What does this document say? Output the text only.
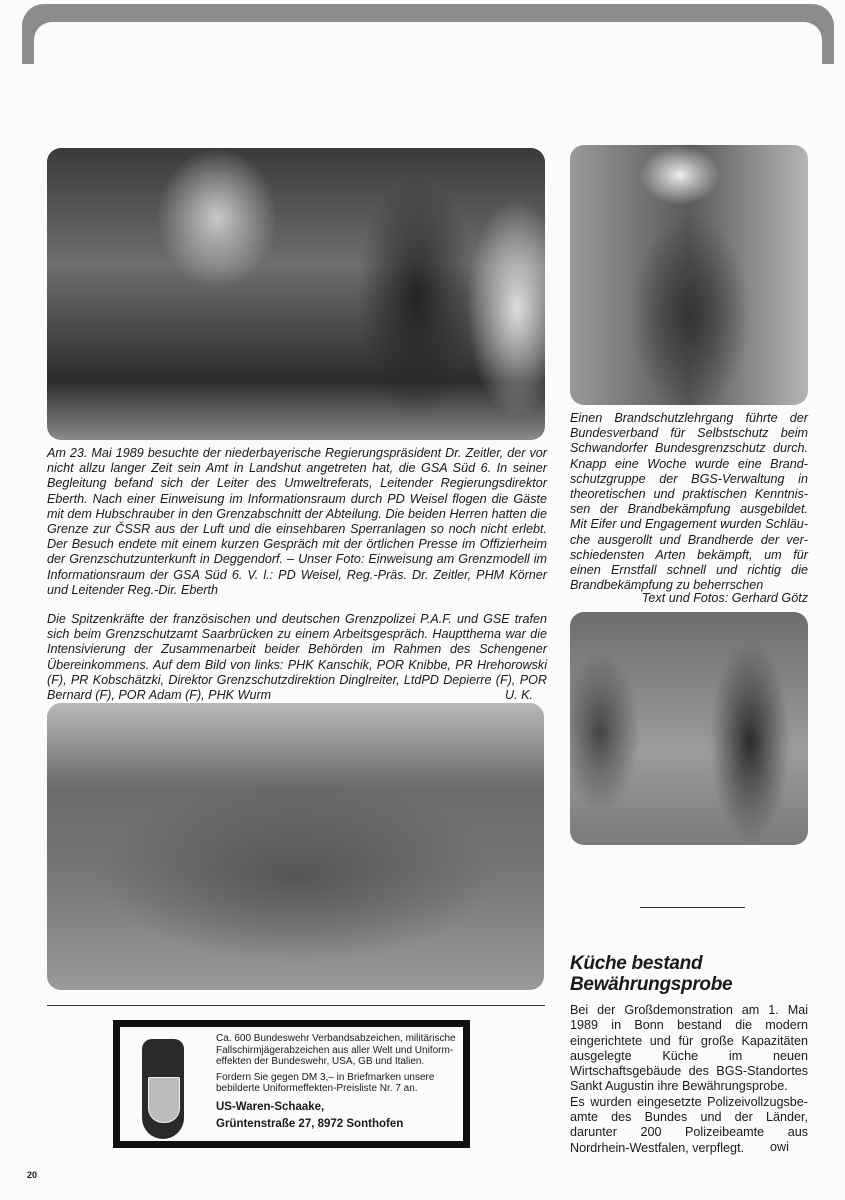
Am 23. Mai 1989 besuchte der niederbayerische Regierungspräsident Dr. Zeitler, der vor nicht allzu langer Zeit sein Amt in Landshut angetreten hat, die GSA Süd 6. In seiner Begleitung befand sich der Leiter des Umweltreferats, Leitender Regierungsdirektor Eberth. Nach einer Einweisung im Informationsraum durch PD Weisel flogen die Gäste mit dem Hubschrauber in den Grenzabschnitt der Abteilung. Die beiden Herren hatten die Grenze zur ČSSR aus der Luft und die einsehbaren Sperranlagen so noch nicht erlebt. Der Besuch endete mit einem kurzen Gespräch mit der örtlichen Presse im Offizierheim der Grenzschutzunterkunft in Deggendorf. – Unser Foto: Einweisung am Grenzmodell im Informationsraum der GSA Süd 6. V. l.: PD Weisel, Reg.-Präs. Dr. Zeitler, PHM Körner und Leitender Reg.-Dir. Eberth

Die Spitzenkräfte der französischen und deutschen Grenzpolizei P.A.F. und GSE trafen sich beim Grenzschutzamt Saarbrücken zu einem Arbeitsgespräch. Hauptthema war die Intensivierung der Zusammenarbeit beider Behörden im Rahmen des Schengener Übereinkommens. Auf dem Bild von links: PHK Kanschik, POR Knibbe, PR Hrehorowski (F), PR Kobschätzki, Direktor Grenzschutzdirektion Dinglreiter, LtdPD Depierre (F), POR Bernard (F), POR Adam (F), PHK Wurm	U. K.

Einen Brandschutzlehrgang führte der Bundesverband für Selbstschutz beim Schwandorfer Bundesgrenzschutz durch. Knapp eine Woche wurde eine Brandschutzgruppe der BGS-Verwaltung in theoretischen und praktischen Kenntnissen der Brandbekämpfung ausgebildet. Mit Eifer und Engagement wurden Schläuche ausgerollt und Brandherde der verschiedensten Arten bekämpft, um für einen Ernstfall schnell und richtig die Brandbekämpfung zu beherrschen

Text und Fotos: Gerhard Götz
Küche bestand
Bewährungsprobe
Bei der Großdemonstration am 1. Mai 1989 in Bonn bestand die modern eingerichtete und für große Kapazitäten ausgelegte Küche im neuen Wirtschaftsgebäude des BGS-Standortes Sankt Augustin ihre Bewährungsprobe.
Es wurden eingesetzte Polizeivollzugsbeamte des Bundes und der Länder, darunter 200 Polizeibeamte aus Nordrhein-Westfalen, verpflegt.	owi

Ca. 600 Bundeswehr Verbandsabzeichen, militärische Fallschirmjägerabzeichen aus aller Welt und Uniformeffekten der Bundeswehr, USA, GB und Italien.

Fordern Sie gegen DM 3,– in Briefmarken unsere bebilderte Uniformeffekten-Preisliste Nr. 7 an.

US-Waren-Schaake,
Grüntenstraße 27, 8972 Sonthofen
20
